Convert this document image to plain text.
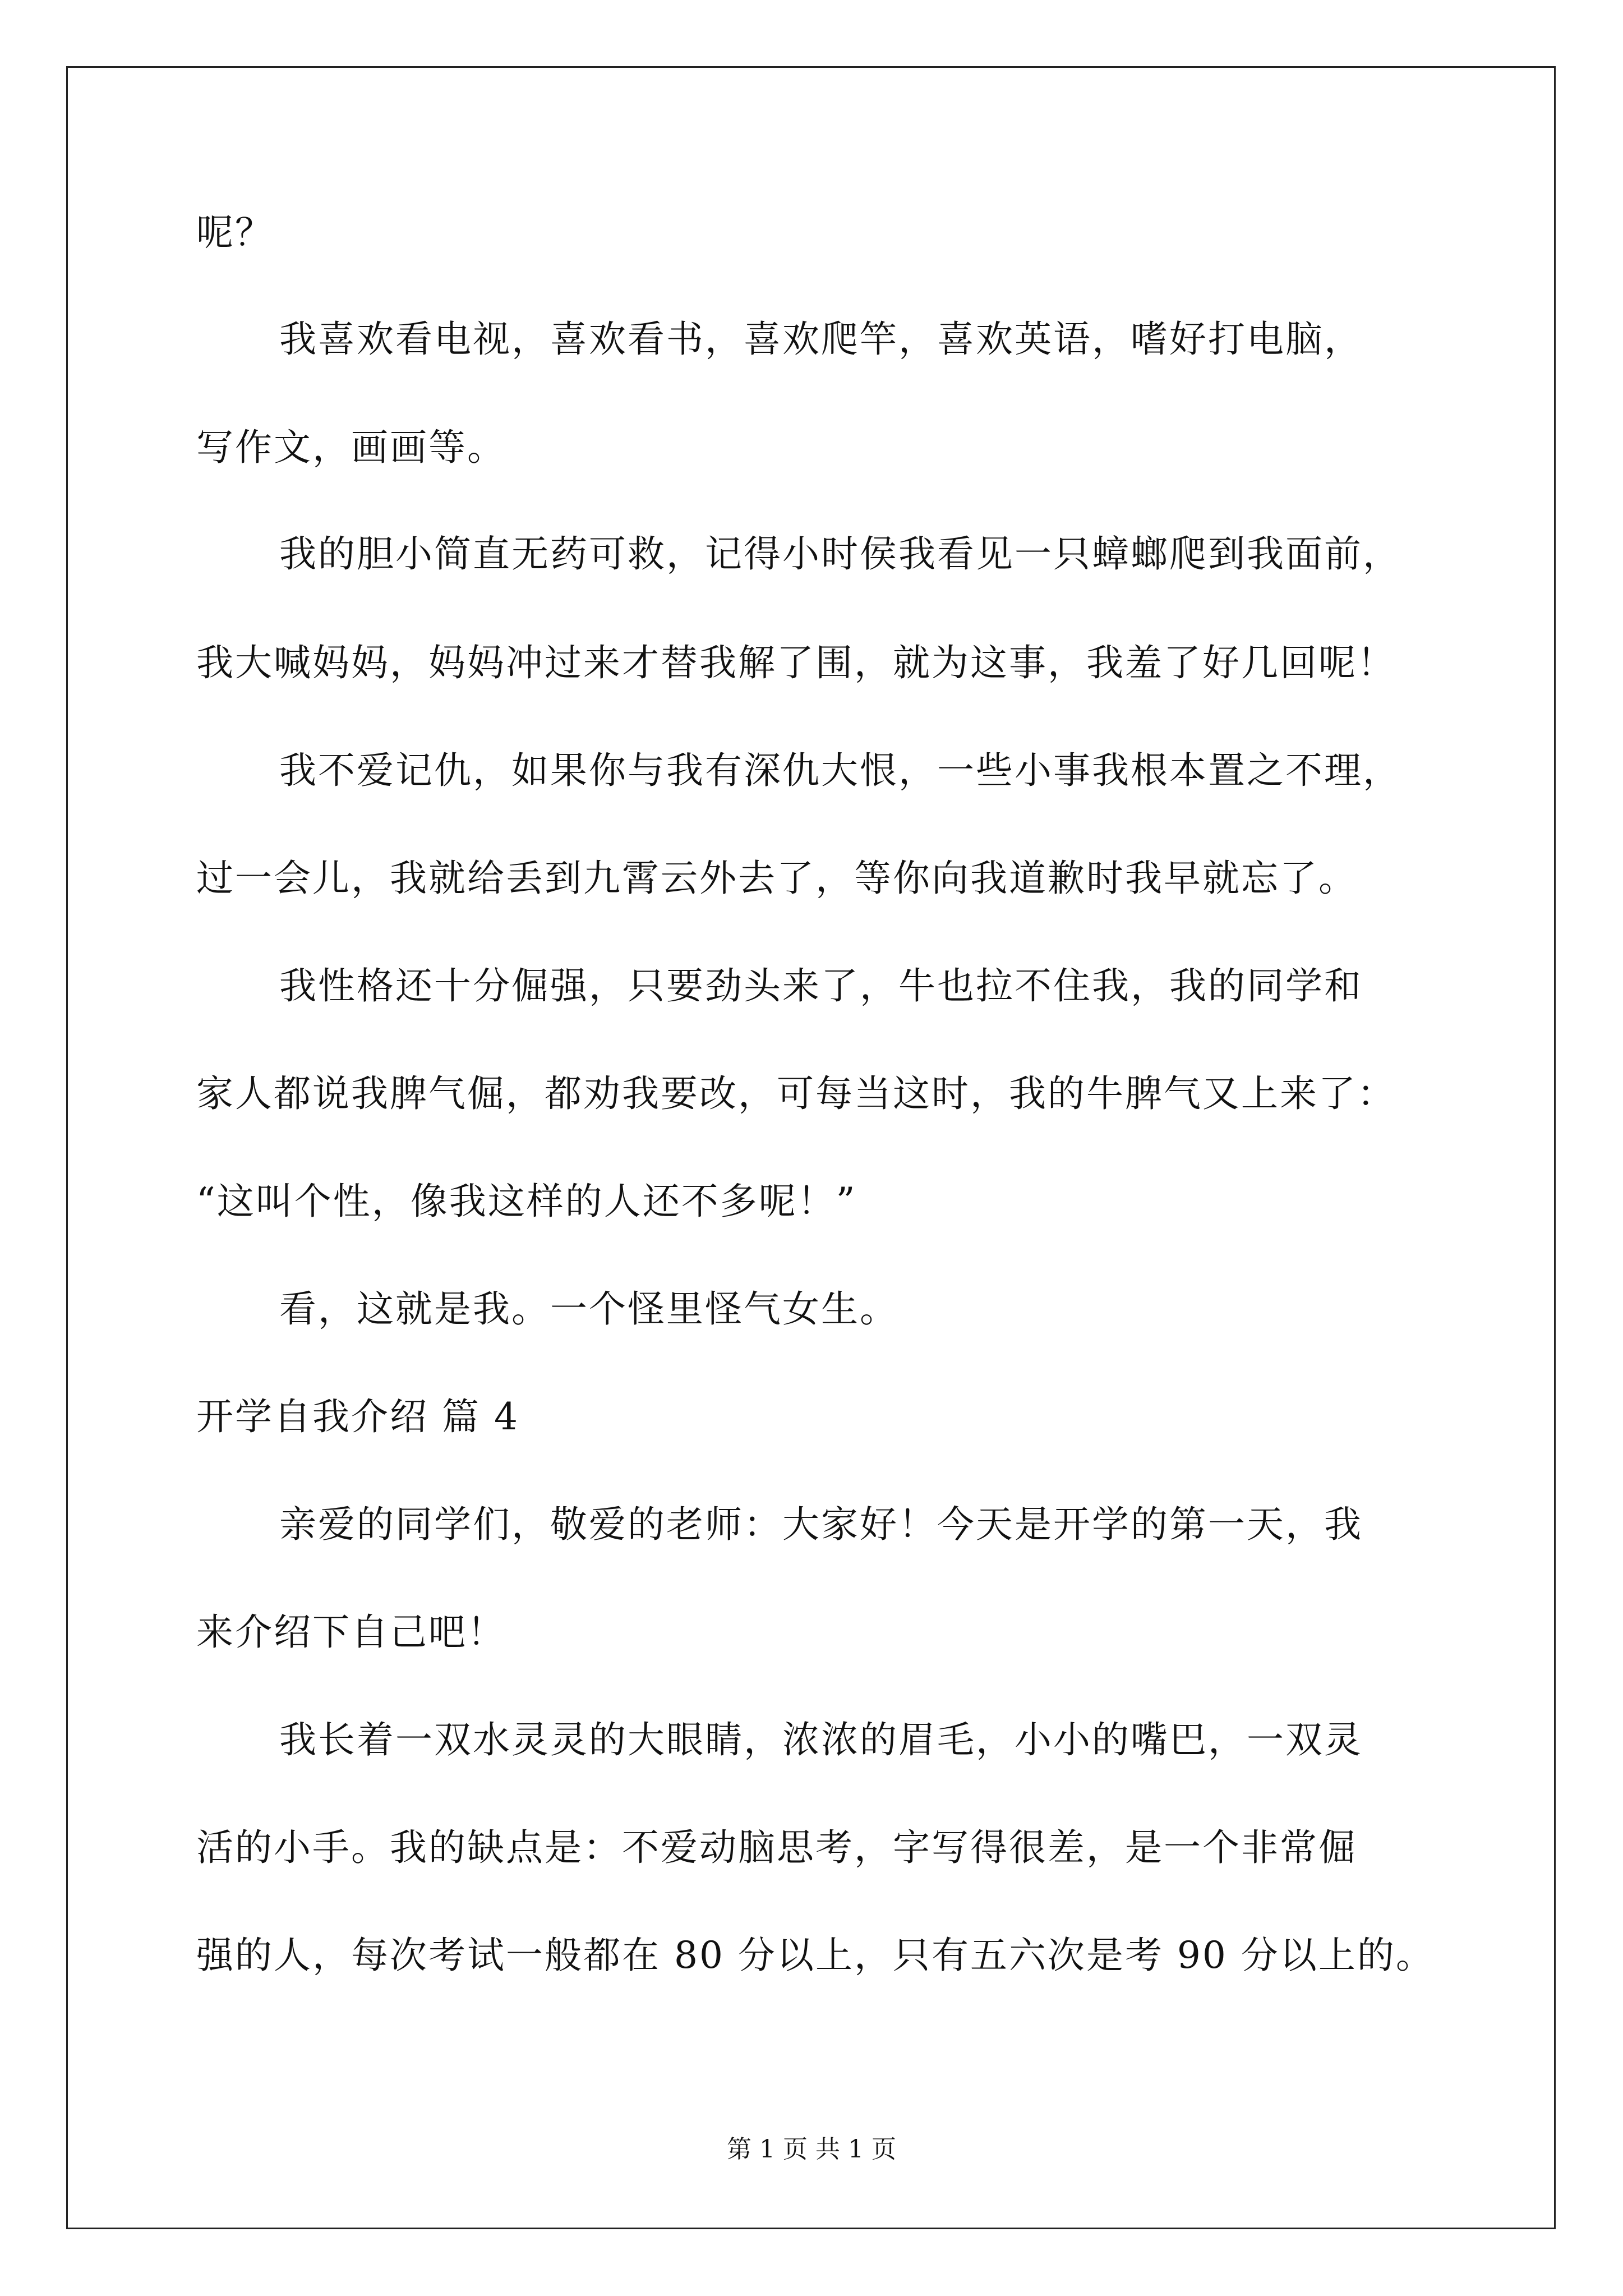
呢？
我喜欢看电视，喜欢看书，喜欢爬竿，喜欢英语，嗜好打电脑，
写作文，画画等。
我的胆小简直无药可救，记得小时侯我看见一只蟑螂爬到我面前，
我大喊妈妈，妈妈冲过来才替我解了围，就为这事，我羞了好几回呢！
我不爱记仇，如果你与我有深仇大恨，一些小事我根本置之不理，
过一会儿，我就给丢到九霄云外去了，等你向我道歉时我早就忘了。
我性格还十分倔强，只要劲头来了，牛也拉不住我，我的同学和
家人都说我脾气倔，都劝我要改，可每当这时，我的牛脾气又上来了：
“这叫个性，像我这样的人还不多呢！”
看，这就是我。一个怪里怪气女生。
开学自我介绍 篇 4
亲爱的同学们，敬爱的老师：大家好！今天是开学的第一天，我
来介绍下自己吧！
我长着一双水灵灵的大眼睛，浓浓的眉毛，小小的嘴巴，一双灵
活的小手。我的缺点是：不爱动脑思考，字写得很差，是一个非常倔
强的人，每次考试一般都在 80 分以上，只有五六次是考 90 分以上的。
第 1 页 共 1 页
